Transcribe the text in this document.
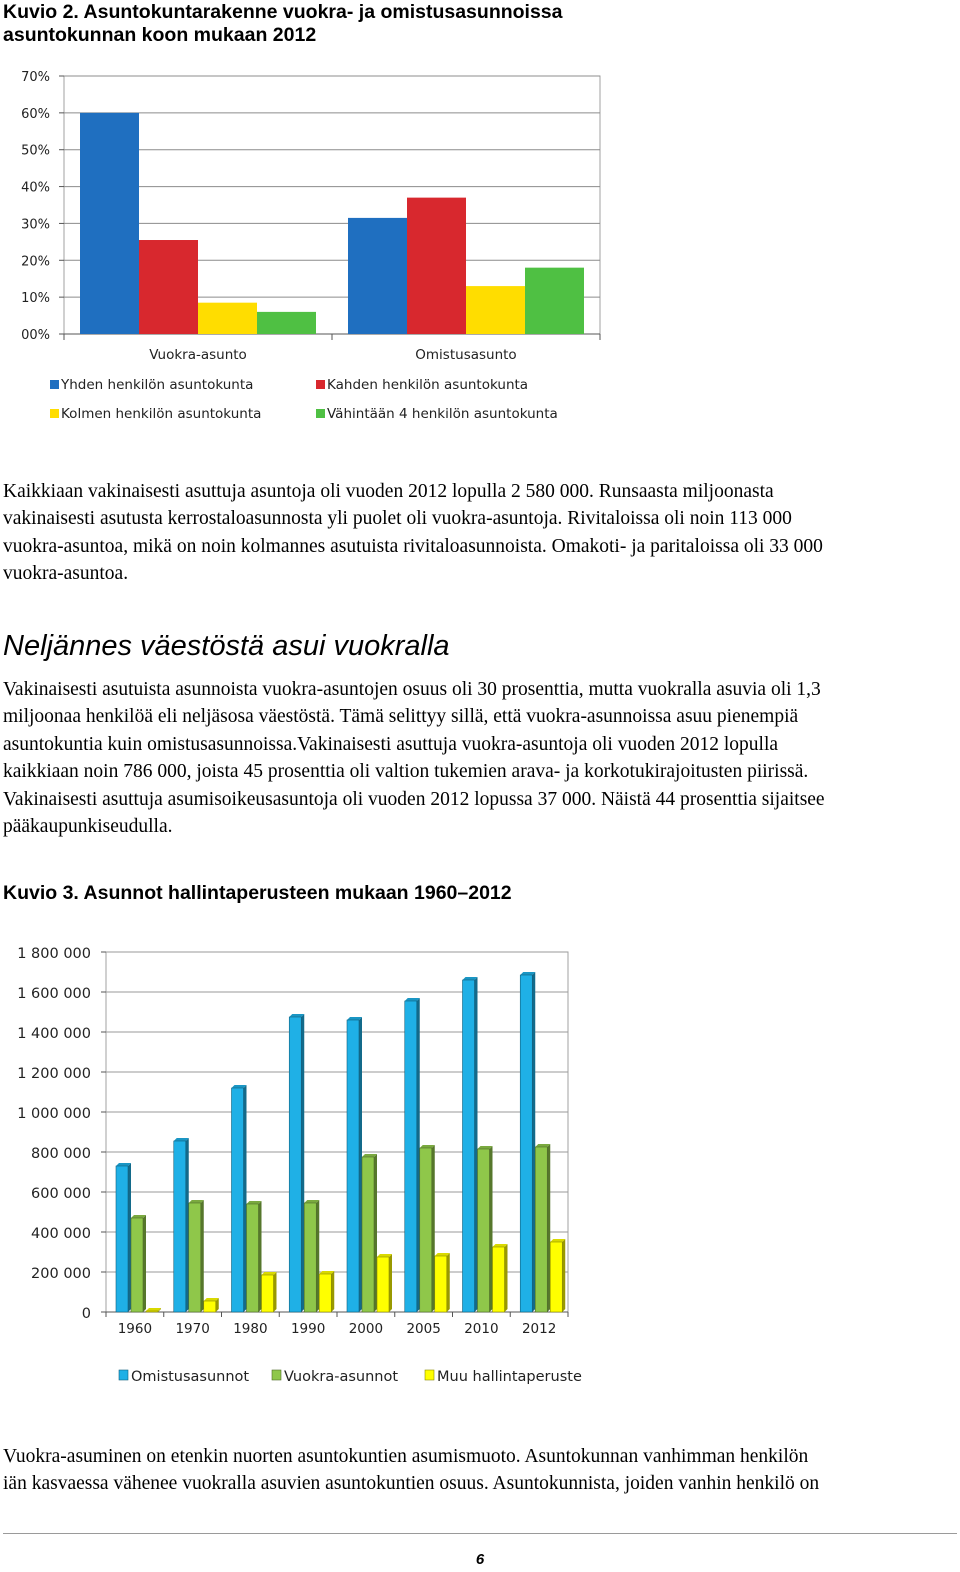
Kuvio 2. Asuntokuntarakenne vuokra- ja omistusasunnoissa

asuntokunnan koon mukaan 2012

00%
10%
20%
30%
40%
50%
60%
70%
Vuokra-asunto	Omistusasunto
Yhden henkilön asuntokunta	Kahden henkilön asuntokunta
Kolmen henkilön asuntokunta	Vähintään 4 henkilön asuntokunta
Kaikkiaan vakinaisesti asuttuja asuntoja oli vuoden 2012 lopulla 2 580 000. Runsaasta miljoonasta
vakinaisesti asutusta kerrostaloasunnosta yli puolet oli vuokra-asuntoja. Rivitaloissa oli noin 113 000
vuokra-asuntoa, mikä on noin kolmannes asutuista rivitaloasunnoista. Omakoti- ja paritaloissa oli 33 000
vuokra-asuntoa.
Neljännes väestöstä asui vuokralla
Vakinaisesti asutuista asunnoista vuokra-asuntojen osuus oli 30 prosenttia, mutta vuokralla asuvia oli 1,3
miljoonaa henkilöä eli neljäsosa väestöstä. Tämä selittyy sillä, että vuokra-asunnoissa asuu pienempiä
asuntokuntia kuin omistusasunnoissa.Vakinaisesti asuttuja vuokra-asuntoja oli vuoden 2012 lopulla
kaikkiaan noin 786 000, joista 45 prosenttia oli valtion tukemien arava- ja korkotukirajoitusten piirissä.
Vakinaisesti asuttuja asumisoikeusasuntoja oli vuoden 2012 lopussa 37 000. Näistä 44 prosenttia sijaitsee
pääkaupunkiseudulla.

Kuvio 3. Asunnot hallintaperusteen mukaan 1960–2012

0
200 000
400 000
600 000
800 000
1 000 000
1 200 000
1 400 000
1 600 000
1 800 000
1960 1970 1980 1990 2000 2005 2010 2012
Omistusasunnot Vuokra-asunnot	Muu hallintaperuste
Vuokra-asuminen on etenkin nuorten asuntokuntien asumismuoto. Asuntokunnan vanhimman henkilön
iän kasvaessa vähenee vuokralla asuvien asuntokuntien osuus. Asuntokunnista, joiden vanhin henkilö on
6
